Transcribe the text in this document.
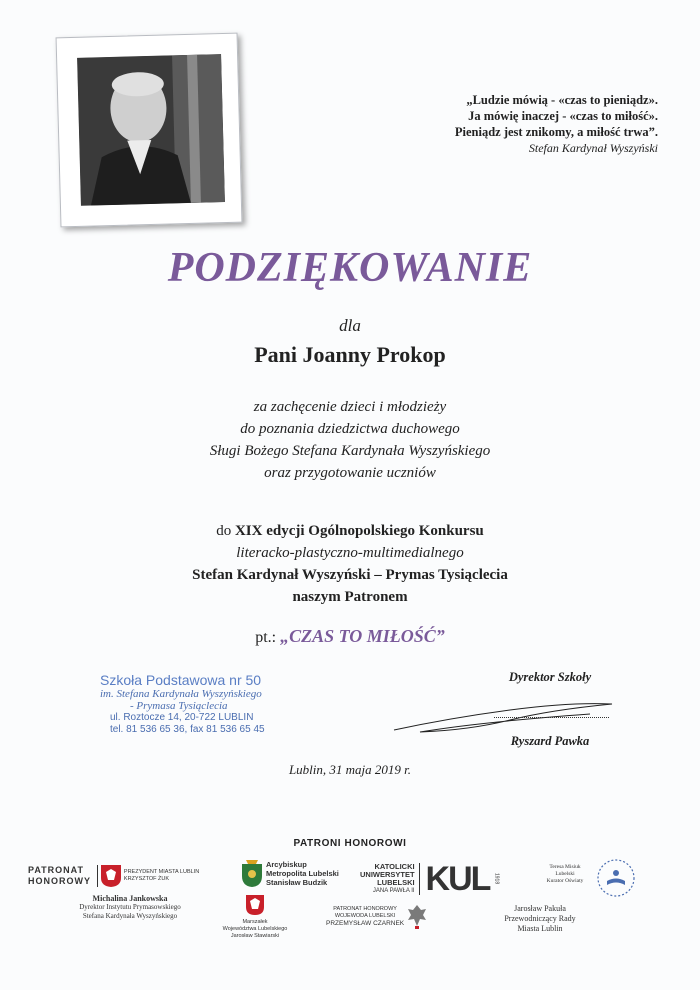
„Ludzie mówią - «czas to pieniądz».
Ja mówię inaczej - «czas to miłość».
Pieniądz jest znikomy, a miłość trwa”.
Stefan Kardynał Wyszyński
PODZIĘKOWANIE
dla
Pani Joanny Prokop
za zachęcenie dzieci i młodzieży
do poznania dziedzictwa duchowego
Sługi Bożego Stefana Kardynała Wyszyńskiego
oraz przygotowanie uczniów
do XIX edycji Ogólnopolskiego Konkursu
literacko-plastyczno-multimedialnego
Stefan Kardynał Wyszyński – Prymas Tysiąclecia
naszym Patronem
pt.: „CZAS TO MIŁOŚĆ”
Szkoła Podstawowa nr 50
im. Stefana Kardynała Wyszyńskiego
- Prymasa Tysiąclecia
ul. Roztocze 14, 20-722 LUBLIN
tel. 81 536 65 36, fax 81 536 65 45
Dyrektor Szkoły
Ryszard Pawka
Lublin, 31 maja 2019 r.
PATRONI HONOROWI
PATRONAT
HONOROWY

PREZYDENT MIASTA LUBLIN
KRZYSZTOF ŻUK
Michalina Jankowska
Dyrektor Instytutu Prymasowskiego
Stefana Kardynała Wyszyńskiego

Arcybiskup
Metropolita Lubelski
Stanisław Budzik
Marszałek
Województwa Lubelskiego
Jarosław Stawiarski
KATOLICKI
UNIWERSYTET
LUBELSKI
JANA PAWŁA II KUL 1918
PATRONAT HONOROWY
WOJEWODA LUBELSKI
PRZEMYSŁAW CZARNEK

Teresa Misiuk
Lubelski
Kurator Oświaty
Jarosław Pakuła
Przewodniczący Rady
Miasta Lublin
